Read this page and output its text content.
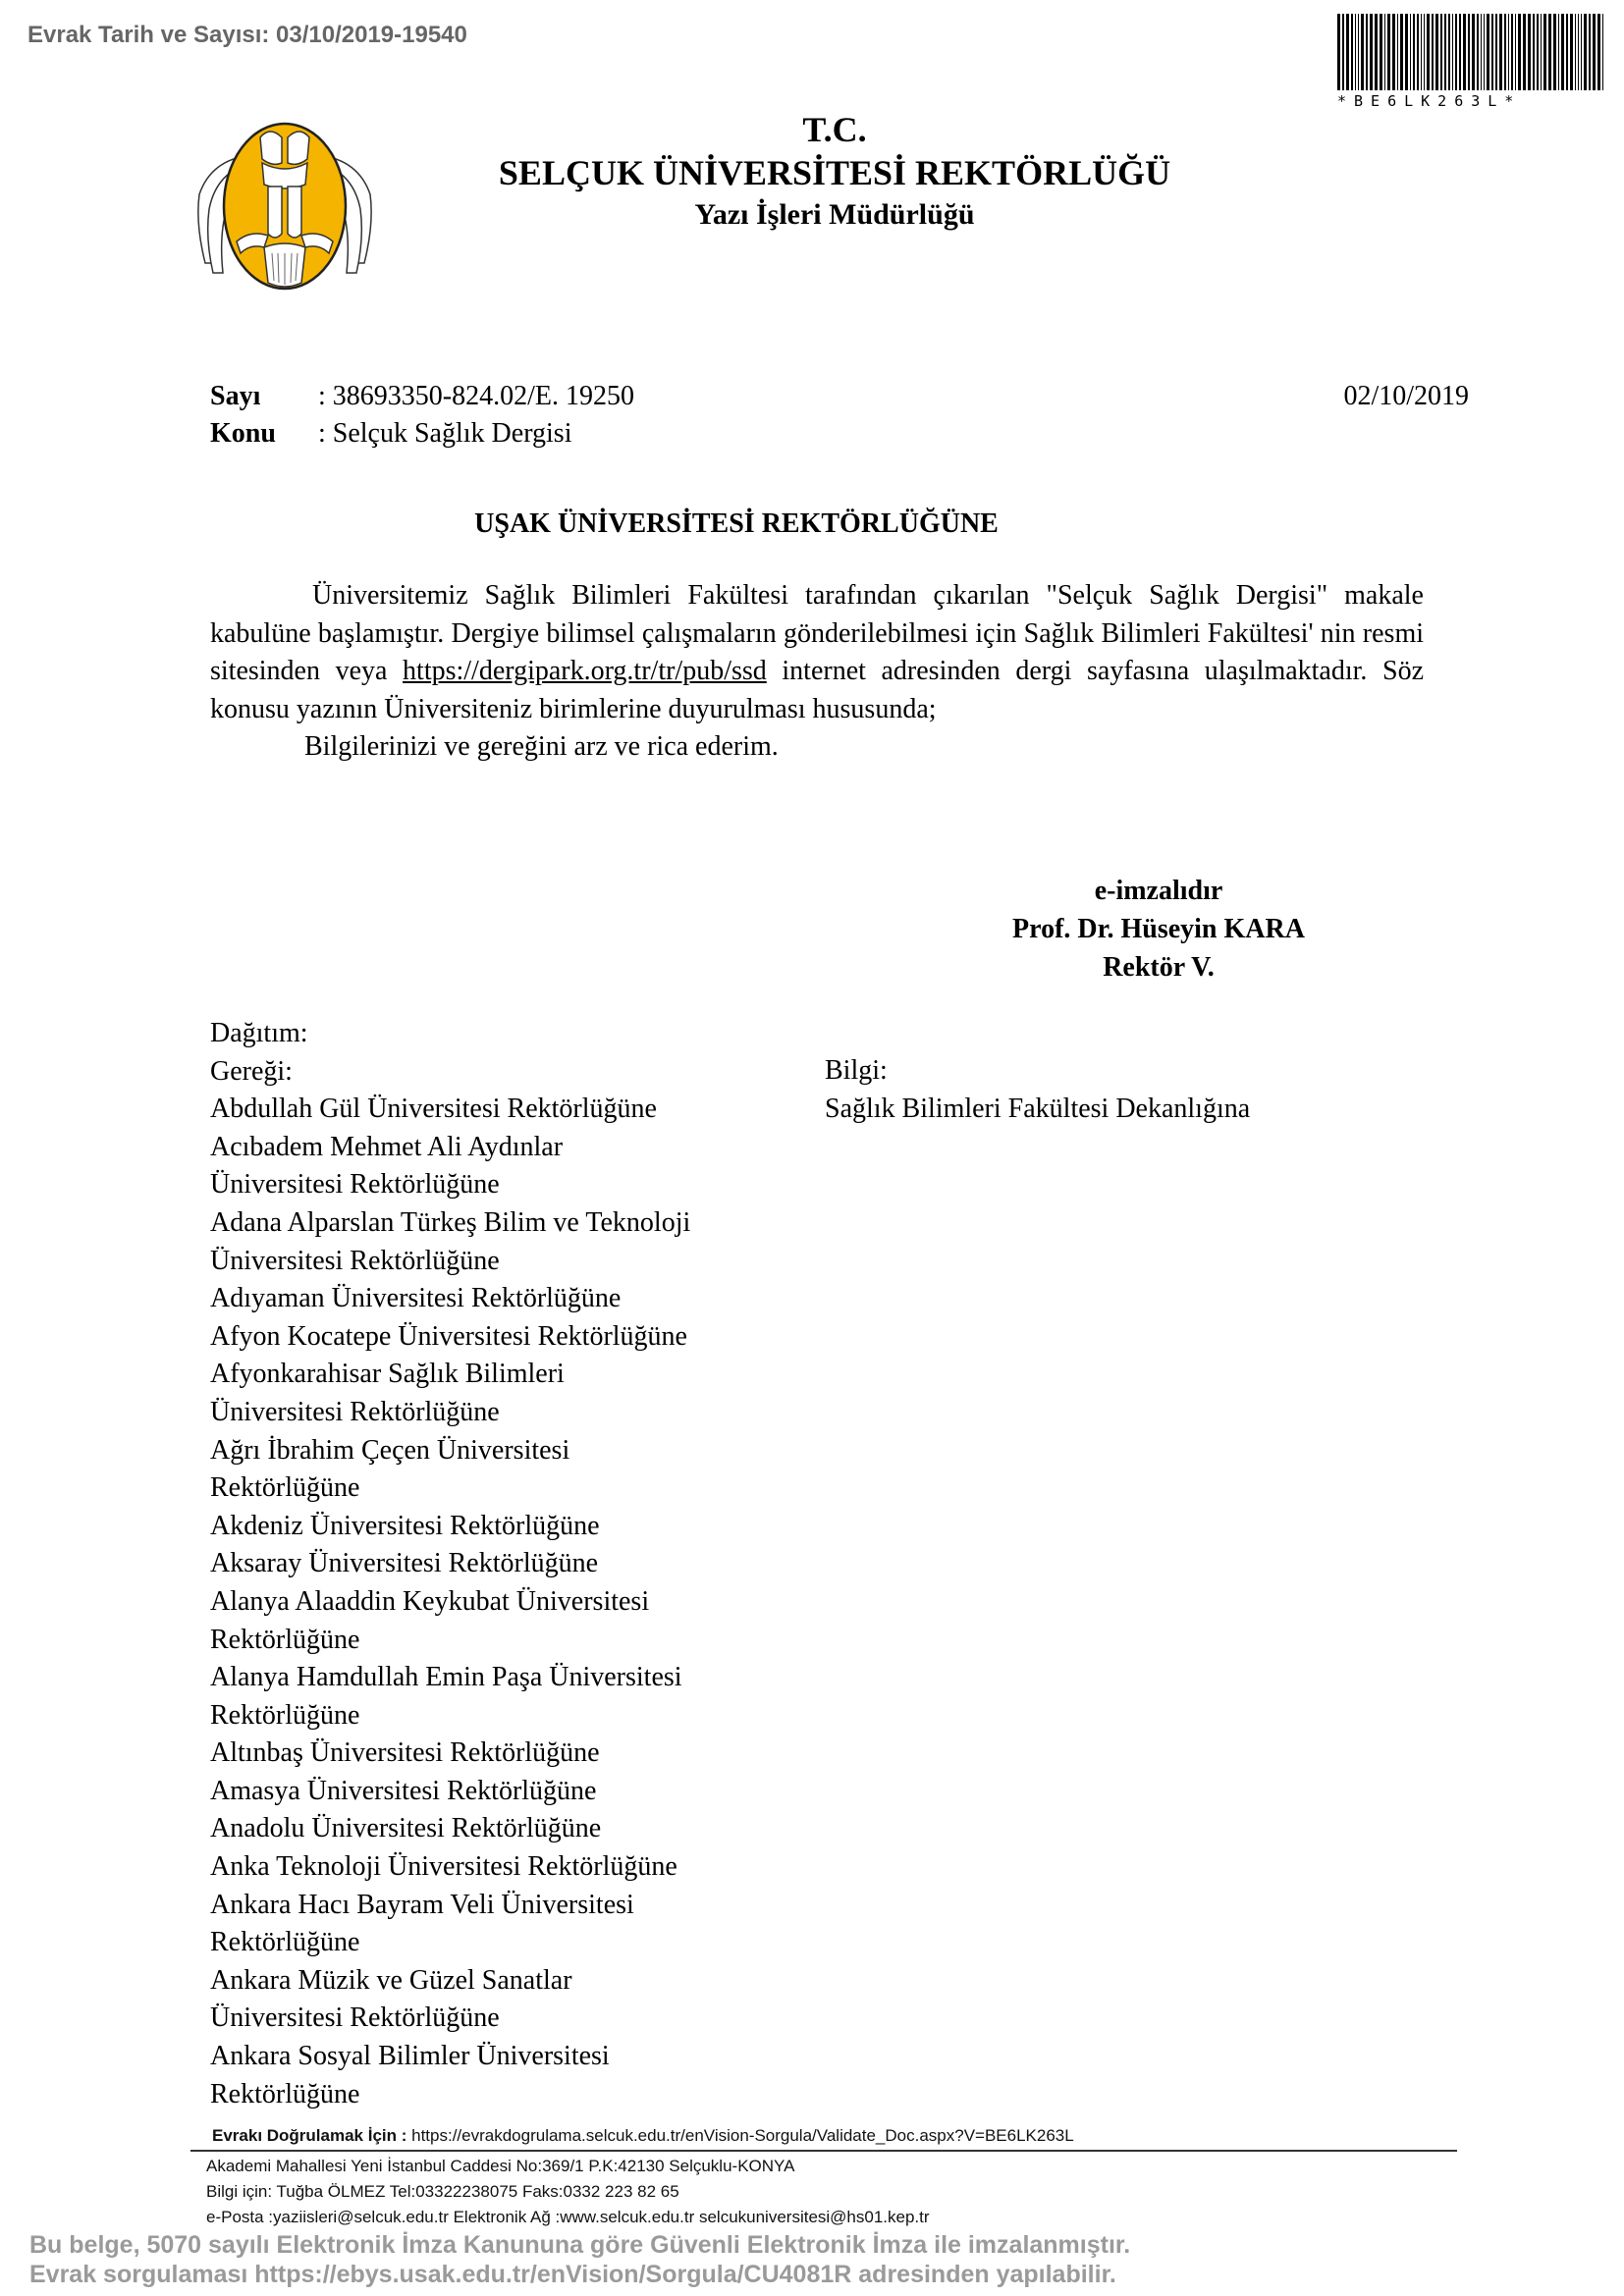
Evrak Tarih ve Sayısı: 03/10/2019-19540
*BE6LK263L*
T.C.
SELÇUK ÜNİVERSİTESİ REKTÖRLÜĞÜ
Yazı İşleri Müdürlüğü
Sayı : 38693350-824.02/E. 19250
Konu : Selçuk Sağlık Dergisi
02/10/2019
UŞAK ÜNİVERSİTESİ REKTÖRLÜĞÜNE

Üniversitemiz Sağlık Bilimleri Fakültesi tarafından çıkarılan "Selçuk Sağlık Dergisi" makale kabulüne başlamıştır. Dergiye bilimsel çalışmaların gönderilebilmesi için Sağlık Bilimleri Fakültesi' nin resmi sitesinden veya https://dergipark.org.tr/tr/pub/ssd internet adresinden dergi sayfasına ulaşılmaktadır. Söz konusu yazının Üniversiteniz birimlerine duyurulması hususunda;

Bilgilerinizi ve gereğini arz ve rica ederim.

e-imzalıdır
Prof. Dr. Hüseyin KARA
Rektör V.
Dağıtım:
Gereği:
Abdullah Gül Üniversitesi Rektörlüğüne
Acıbadem Mehmet Ali Aydınlar
Üniversitesi Rektörlüğüne
Adana Alparslan Türkeş Bilim ve Teknoloji
Üniversitesi Rektörlüğüne
Adıyaman Üniversitesi Rektörlüğüne
Afyon Kocatepe Üniversitesi Rektörlüğüne
Afyonkarahisar Sağlık Bilimleri
Üniversitesi Rektörlüğüne
Ağrı İbrahim Çeçen Üniversitesi
Rektörlüğüne
Akdeniz Üniversitesi Rektörlüğüne
Aksaray Üniversitesi Rektörlüğüne
Alanya Alaaddin Keykubat Üniversitesi
Rektörlüğüne
Alanya Hamdullah Emin Paşa Üniversitesi
Rektörlüğüne
Altınbaş Üniversitesi Rektörlüğüne
Amasya Üniversitesi Rektörlüğüne
Anadolu Üniversitesi Rektörlüğüne
Anka Teknoloji Üniversitesi Rektörlüğüne
Ankara Hacı Bayram Veli Üniversitesi
Rektörlüğüne
Ankara Müzik ve Güzel Sanatlar
Üniversitesi Rektörlüğüne
Ankara Sosyal Bilimler Üniversitesi
Rektörlüğüne
Bilgi:
Sağlık Bilimleri Fakültesi Dekanlığına
Evrakı Doğrulamak İçin : https://evrakdogrulama.selcuk.edu.tr/enVision-Sorgula/Validate_Doc.aspx?V=BE6LK263L
Akademi Mahallesi Yeni İstanbul Caddesi No:369/1 P.K:42130 Selçuklu-KONYA
Bilgi için: Tuğba ÖLMEZ Tel:03322238075 Faks:0332 223 82 65
e-Posta :yaziisleri@selcuk.edu.tr Elektronik Ağ :www.selcuk.edu.tr selcukuniversitesi@hs01.kep.tr
Bu belge, 5070 sayılı Elektronik İmza Kanununa göre Güvenli Elektronik İmza ile imzalanmıştır.
Evrak sorgulaması https://ebys.usak.edu.tr/enVision/Sorgula/CU4081R adresinden yapılabilir.
